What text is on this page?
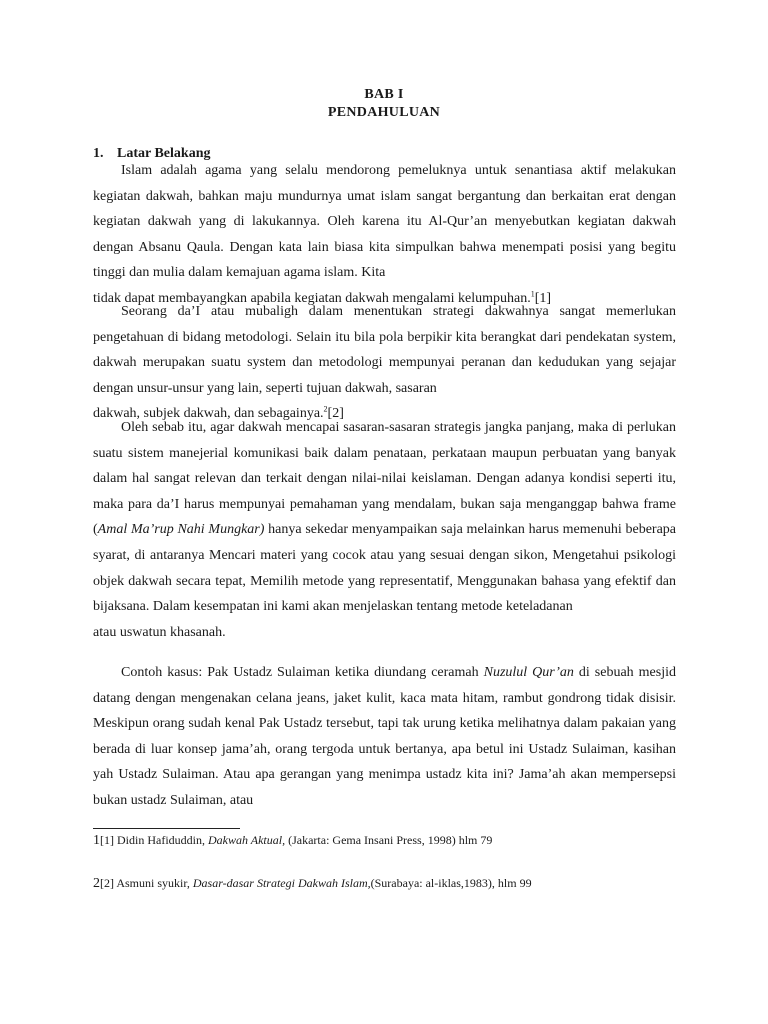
BAB I
PENDAHULUAN
1. Latar Belakang
Islam adalah agama yang selalu mendorong pemeluknya untuk senantiasa aktif melakukan kegiatan dakwah, bahkan maju mundurnya umat islam sangat bergantung dan berkaitan erat dengan kegiatan dakwah yang di lakukannya. Oleh karena itu Al-Qur’an menyebutkan kegiatan dakwah dengan Absanu Qaula. Dengan kata lain biasa kita simpulkan bahwa menempati posisi yang begitu tinggi dan mulia dalam kemajuan agama islam. Kita
tidak dapat membayangkan apabila kegiatan dakwah mengalami kelumpuhan.$^1$[1]
Seorang da’I atau mubaligh dalam menentukan strategi dakwahnya sangat memerlukan pengetahuan di bidang metodologi. Selain itu bila pola berpikir kita berangkat dari pendekatan system, dakwah merupakan suatu system dan metodologi mempunyai peranan dan kedudukan yang sejajar dengan unsur-unsur yang lain, seperti tujuan dakwah, sasaran
dakwah, subjek dakwah, dan sebagainya.$^2$[2]
Oleh sebab itu, agar dakwah mencapai sasaran-sasaran strategis jangka panjang, maka di perlukan suatu sistem manejerial komunikasi baik dalam penataan, perkataan maupun perbuatan yang banyak dalam hal sangat relevan dan terkait dengan nilai-nilai keislaman. Dengan adanya kondisi seperti itu, maka para da’I harus mempunyai pemahaman yang mendalam, bukan saja menganggap bahwa frame (Amal Ma’rup Nahi Mungkar) hanya sekedar menyampaikan saja melainkan harus memenuhi beberapa syarat, di antaranya Mencari materi yang cocok atau yang sesuai dengan sikon, Mengetahui psikologi objek dakwah secara tepat, Memilih metode yang representatif, Menggunakan bahasa yang efektif dan bijaksana. Dalam kesempatan ini kami akan menjelaskan tentang metode keteladanan
atau uswatun khasanah.
Contoh kasus: Pak Ustadz Sulaiman ketika diundang ceramah Nuzulul Qur’an di sebuah mesjid datang dengan mengenakan celana jeans, jaket kulit, kaca mata hitam, rambut gondrong tidak disisir. Meskipun orang sudah kenal Pak Ustadz tersebut, tapi tak urung ketika melihatnya dalam pakaian yang berada di luar konsep jama’ah, orang tergoda untuk bertanya, apa betul ini Ustadz Sulaiman, kasihan yah Ustadz Sulaiman. Atau apa gerangan yang menimpa ustadz kita ini? Jama’ah akan mempersepsi bukan ustadz Sulaiman, atau
1[1] Didin Hafiduddin, Dakwah Aktual, (Jakarta: Gema Insani Press, 1998) hlm 79
2[2] Asmuni syukir, Dasar-dasar Strategi Dakwah Islam,(Surabaya: al-iklas,1983), hlm 99
